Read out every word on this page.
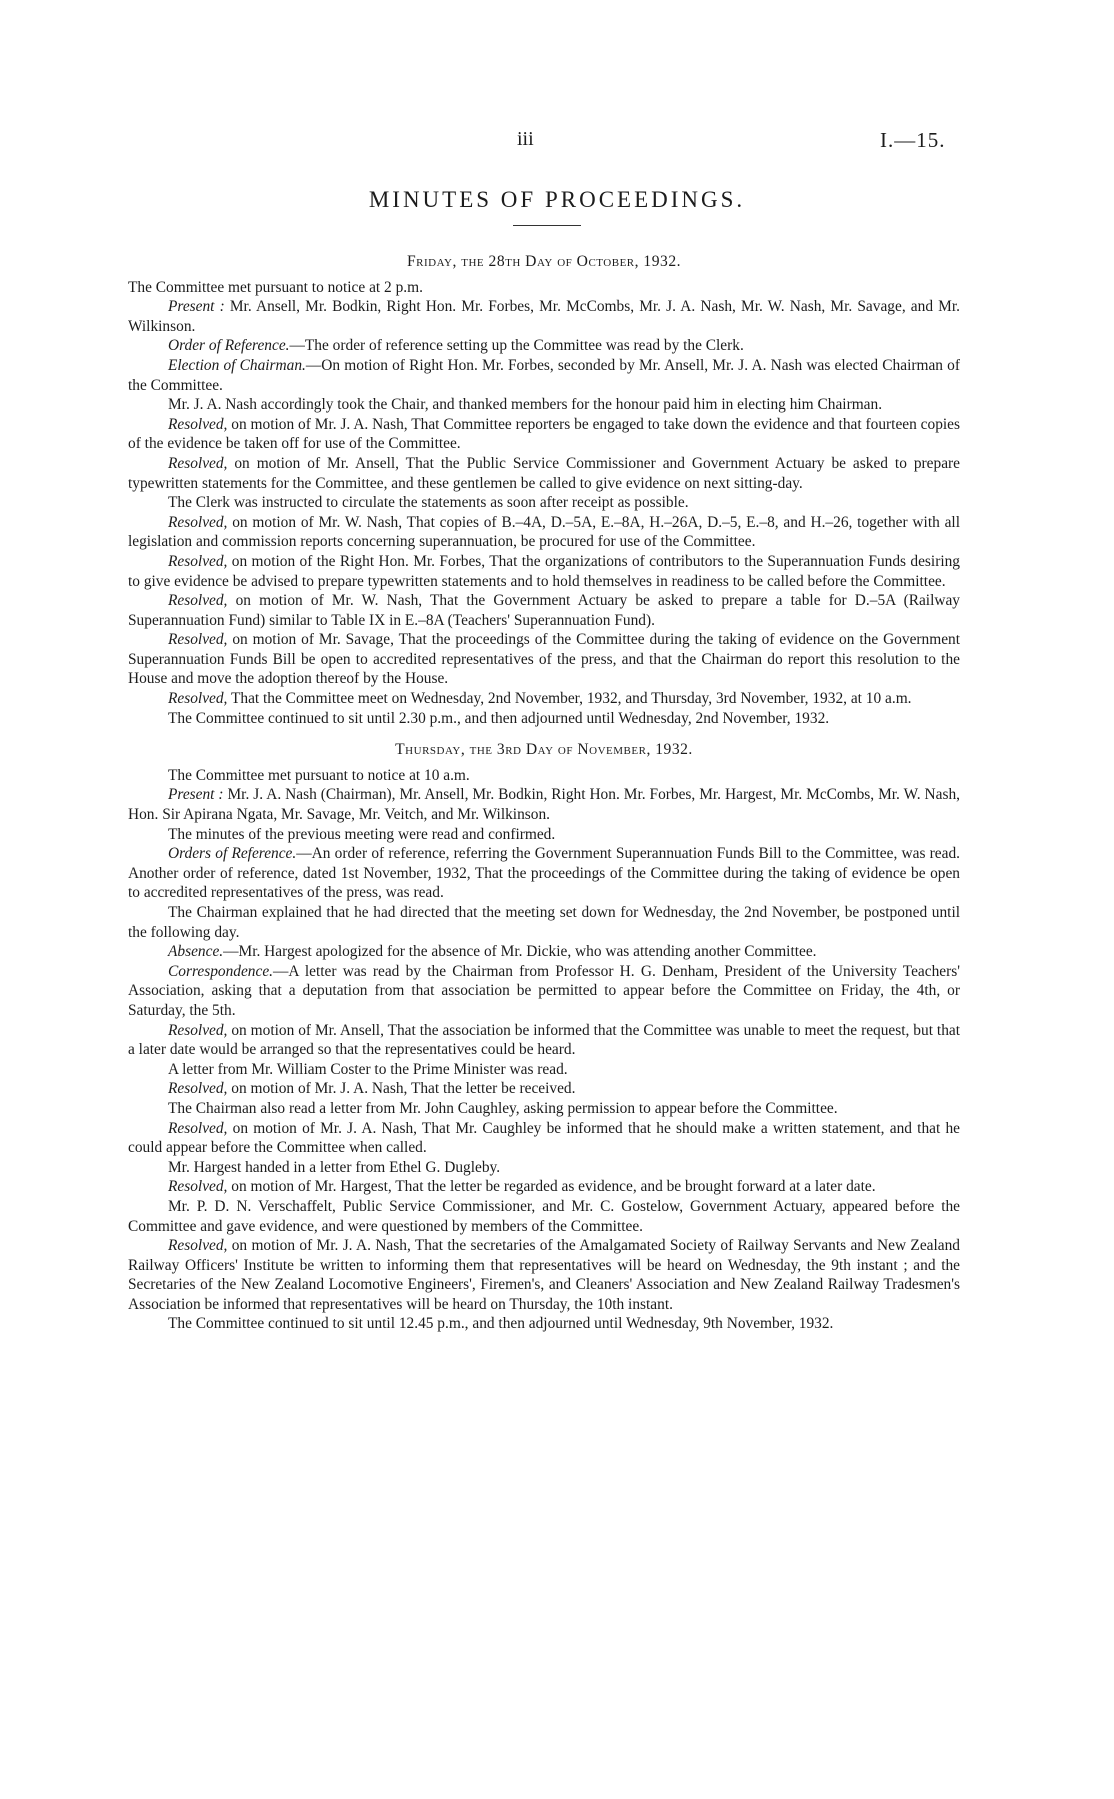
iii	I.—15.
MINUTES OF PROCEEDINGS.
Friday, the 28th Day of October, 1932.

The Committee met pursuant to notice at 2 p.m.

Present : Mr. Ansell, Mr. Bodkin, Right Hon. Mr. Forbes, Mr. McCombs, Mr. J. A. Nash, Mr. W. Nash, Mr. Savage, and Mr. Wilkinson.

Order of Reference.—The order of reference setting up the Committee was read by the Clerk.

Election of Chairman.—On motion of Right Hon. Mr. Forbes, seconded by Mr. Ansell, Mr. J. A. Nash was elected Chairman of the Committee.

Mr. J. A. Nash accordingly took the Chair, and thanked members for the honour paid him in electing him Chairman.

Resolved, on motion of Mr. J. A. Nash, That Committee reporters be engaged to take down the evidence and that fourteen copies of the evidence be taken off for use of the Committee.

Resolved, on motion of Mr. Ansell, That the Public Service Commissioner and Government Actuary be asked to prepare typewritten statements for the Committee, and these gentlemen be called to give evidence on next sitting-day.

The Clerk was instructed to circulate the statements as soon after receipt as possible.

Resolved, on motion of Mr. W. Nash, That copies of B.–4A, D.–5A, E.–8A, H.–26A, D.–5, E.–8, and H.–26, together with all legislation and commission reports concerning superannuation, be procured for use of the Committee.

Resolved, on motion of the Right Hon. Mr. Forbes, That the organizations of contributors to the Superannuation Funds desiring to give evidence be advised to prepare typewritten statements and to hold themselves in readiness to be called before the Committee.

Resolved, on motion of Mr. W. Nash, That the Government Actuary be asked to prepare a table for D.–5A (Railway Superannuation Fund) similar to Table IX in E.–8A (Teachers' Superannuation Fund).

Resolved, on motion of Mr. Savage, That the proceedings of the Committee during the taking of evidence on the Government Superannuation Funds Bill be open to accredited representatives of the press, and that the Chairman do report this resolution to the House and move the adoption thereof by the House.

Resolved, That the Committee meet on Wednesday, 2nd November, 1932, and Thursday, 3rd November, 1932, at 10 a.m.

The Committee continued to sit until 2.30 p.m., and then adjourned until Wednesday, 2nd November, 1932.

Thursday, the 3rd Day of November, 1932.

The Committee met pursuant to notice at 10 a.m.

Present : Mr. J. A. Nash (Chairman), Mr. Ansell, Mr. Bodkin, Right Hon. Mr. Forbes, Mr. Hargest, Mr. McCombs, Mr. W. Nash, Hon. Sir Apirana Ngata, Mr. Savage, Mr. Veitch, and Mr. Wilkinson.

The minutes of the previous meeting were read and confirmed.

Orders of Reference.—An order of reference, referring the Government Superannuation Funds Bill to the Committee, was read. Another order of reference, dated 1st November, 1932, That the proceedings of the Committee during the taking of evidence be open to accredited representatives of the press, was read.

The Chairman explained that he had directed that the meeting set down for Wednesday, the 2nd November, be postponed until the following day.

Absence.—Mr. Hargest apologized for the absence of Mr. Dickie, who was attending another Committee.

Correspondence.—A letter was read by the Chairman from Professor H. G. Denham, President of the University Teachers' Association, asking that a deputation from that association be permitted to appear before the Committee on Friday, the 4th, or Saturday, the 5th.

Resolved, on motion of Mr. Ansell, That the association be informed that the Committee was unable to meet the request, but that a later date would be arranged so that the representatives could be heard.

A letter from Mr. William Coster to the Prime Minister was read.

Resolved, on motion of Mr. J. A. Nash, That the letter be received.

The Chairman also read a letter from Mr. John Caughley, asking permission to appear before the Committee.

Resolved, on motion of Mr. J. A. Nash, That Mr. Caughley be informed that he should make a written statement, and that he could appear before the Committee when called.

Mr. Hargest handed in a letter from Ethel G. Dugleby.

Resolved, on motion of Mr. Hargest, That the letter be regarded as evidence, and be brought forward at a later date.

Mr. P. D. N. Verschaffelt, Public Service Commissioner, and Mr. C. Gostelow, Government Actuary, appeared before the Committee and gave evidence, and were questioned by members of the Committee.

Resolved, on motion of Mr. J. A. Nash, That the secretaries of the Amalgamated Society of Railway Servants and New Zealand Railway Officers' Institute be written to informing them that representatives will be heard on Wednesday, the 9th instant ; and the Secretaries of the New Zealand Locomotive Engineers', Firemen's, and Cleaners' Association and New Zealand Railway Tradesmen's Association be informed that representatives will be heard on Thursday, the 10th instant.

The Committee continued to sit until 12.45 p.m., and then adjourned until Wednesday, 9th November, 1932.
